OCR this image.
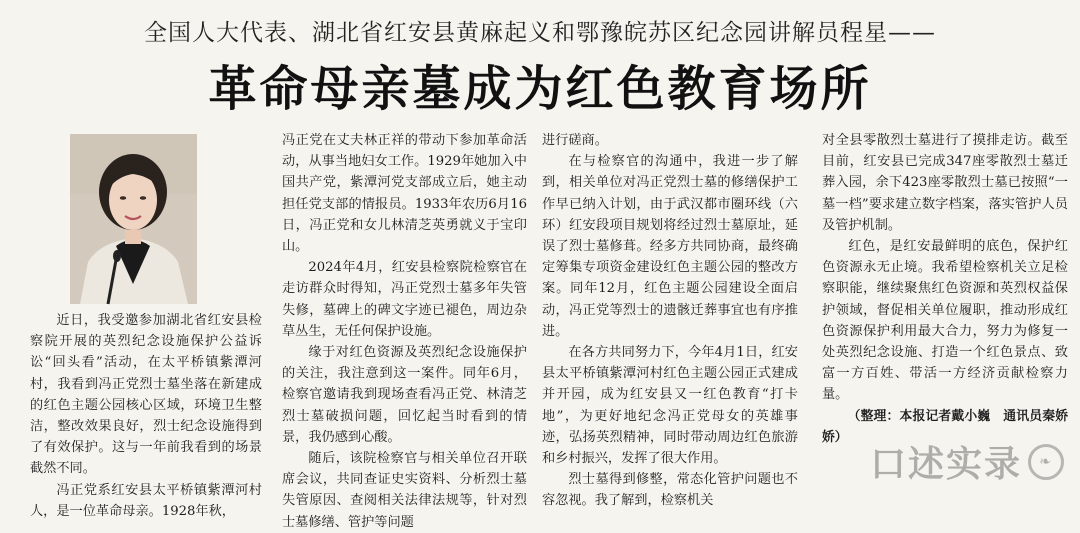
全国人大代表、湖北省红安县黄麻起义和鄂豫皖苏区纪念园讲解员程星——
革命母亲墓成为红色教育场所

近日，我受邀参加湖北省红安县检察院开展的英烈纪念设施保护公益诉讼“回头看”活动，在太平桥镇紫潭河村，我看到冯正党烈士墓坐落在新建成的红色主题公园核心区域，环境卫生整洁，整改效果良好，烈士纪念设施得到了有效保护。这与一年前我看到的场景截然不同。

冯正党系红安县太平桥镇紫潭河村人，是一位革命母亲。1928年秋，

冯正党在丈夫林正祥的带动下参加革命活动，从事当地妇女工作。1929年她加入中国共产党，紫潭河党支部成立后，她主动担任党支部的情报员。1933年农历6月16日，冯正党和女儿林清芝英勇就义于宝印山。

2024年4月，红安县检察院检察官在走访群众时得知，冯正党烈士墓多年失管失修，墓碑上的碑文字迹已褪色，周边杂草丛生，无任何保护设施。

缘于对红色资源及英烈纪念设施保护的关注，我注意到这一案件。同年6月，检察官邀请我到现场查看冯正党、林清芝烈士墓破损问题，回忆起当时看到的情景，我仍感到心酸。

随后，该院检察官与相关单位召开联席会议，共同查证史实资料、分析烈士墓失管原因、查阅相关法律法规等，针对烈士墓修缮、管护等问题

进行磋商。

在与检察官的沟通中，我进一步了解到，相关单位对冯正党烈士墓的修缮保护工作早已纳入计划，由于武汉都市圈环线（六环）红安段项目规划将经过烈士墓原址，延误了烈士墓修葺。经多方共同协商，最终确定筹集专项资金建设红色主题公园的整改方案。同年12月，红色主题公园建设全面启动，冯正党等烈士的遗骸迁葬事宜也有序推进。

在各方共同努力下，今年4月1日，红安县太平桥镇紫潭河村红色主题公园正式建成并开园，成为红安县又一红色教育“打卡地”，为更好地纪念冯正党母女的英雄事迹，弘扬英烈精神，同时带动周边红色旅游和乡村振兴，发挥了很大作用。

烈士墓得到修整，常态化管护问题也不容忽视。我了解到，检察机关

对全县零散烈士墓进行了摸排走访。截至目前，红安县已完成347座零散烈士墓迁葬入园，余下423座零散烈士墓已按照“一墓一档”要求建立数字档案，落实管护人员及管护机制。

红色，是红安最鲜明的底色，保护红色资源永无止境。我希望检察机关立足检察职能，继续聚焦红色资源和英烈权益保护领域，督促相关单位履职，推动形成红色资源保护利用最大合力，努力为修复一处英烈纪念设施、打造一个红色景点、致富一方百姓、带活一方经济贡献检察力量。

（整理：本报记者戴小巍　通讯员秦娇娇）

口述实录	❧
